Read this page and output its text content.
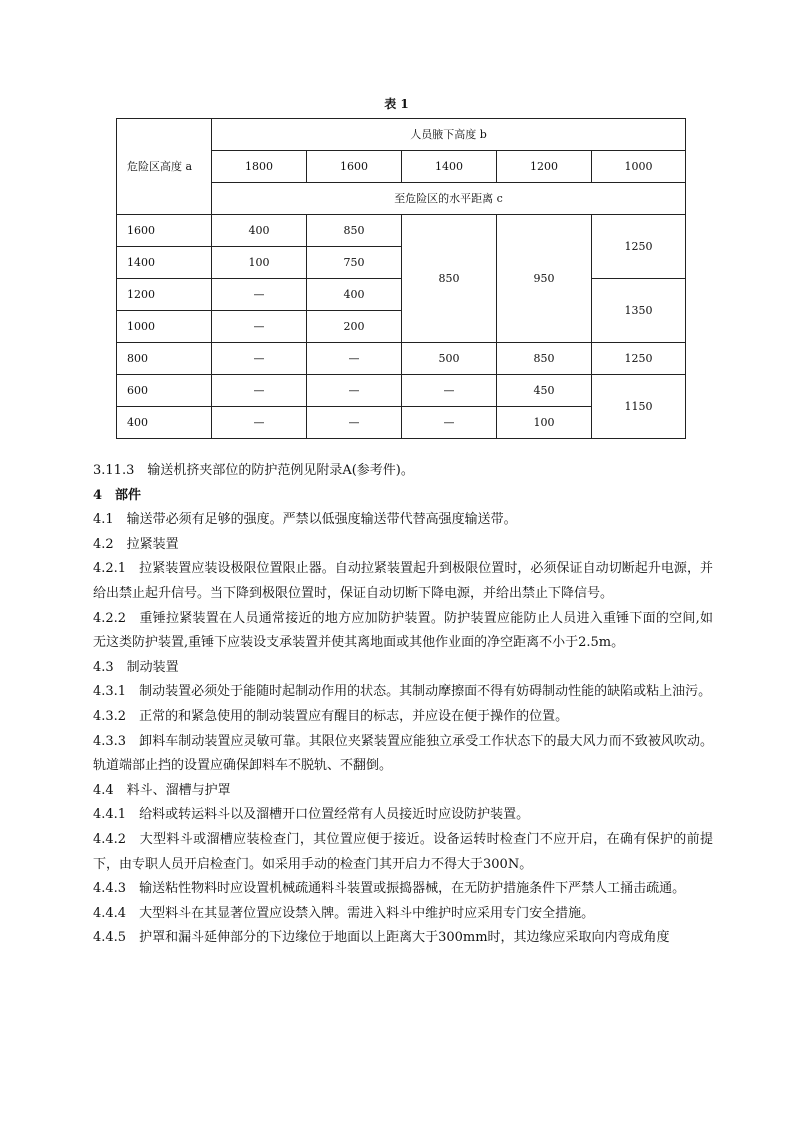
表 1
危险区高度 a	人员腋下高度 b				
	1800	1600	1400	1200	1000
	至危险区的水平距离 c				
1600	400	850	850	950	1250
1400	100	750			
1200	—	400			1350
1000	—	200			
800	—	—	500	850	1250
600	—	—	—	450	1150
400	—	—	—	100	

3.11.3　输送机挤夹部位的防护范例见附录A(参考件)。

4　部件

4.1　输送带必须有足够的强度。严禁以低强度输送带代替高强度输送带。

4.2　拉紧装置

4.2.1　拉紧装置应装设极限位置限止器。自动拉紧装置起升到极限位置时，必须保证自动切断起升电源，并给出禁止起升信号。当下降到极限位置时，保证自动切断下降电源，并给出禁止下降信号。

4.2.2　重锤拉紧装置在人员通常接近的地方应加防护装置。防护装置应能防止人员进入重锤下面的空间,如无这类防护装置,重锤下应装设支承装置并使其离地面或其他作业面的净空距离不小于2.5m。

4.3　制动装置

4.3.1　制动装置必须处于能随时起制动作用的状态。其制动摩擦面不得有妨碍制动性能的缺陷或粘上油污。

4.3.2　正常的和紧急使用的制动装置应有醒目的标志，并应设在便于操作的位置。

4.3.3　卸料车制动装置应灵敏可靠。其限位夹紧装置应能独立承受工作状态下的最大风力而不致被风吹动。轨道端部止挡的设置应确保卸料车不脱轨、不翻倒。

4.4　料斗、溜槽与护罩

4.4.1　给料或转运料斗以及溜槽开口位置经常有人员接近时应设防护装置。

4.4.2　大型料斗或溜槽应装检查门，其位置应便于接近。设备运转时检查门不应开启，在确有保护的前提下，由专职人员开启检查门。如采用手动的检查门其开启力不得大于300N。

4.4.3　输送粘性物料时应设置机械疏通料斗装置或振捣器械，在无防护措施条件下严禁人工捅击疏通。

4.4.4　大型料斗在其显著位置应设禁入牌。需进入料斗中维护时应采用专门安全措施。

4.4.5　护罩和漏斗延伸部分的下边缘位于地面以上距离大于300mm时，其边缘应采取向内弯成角度
